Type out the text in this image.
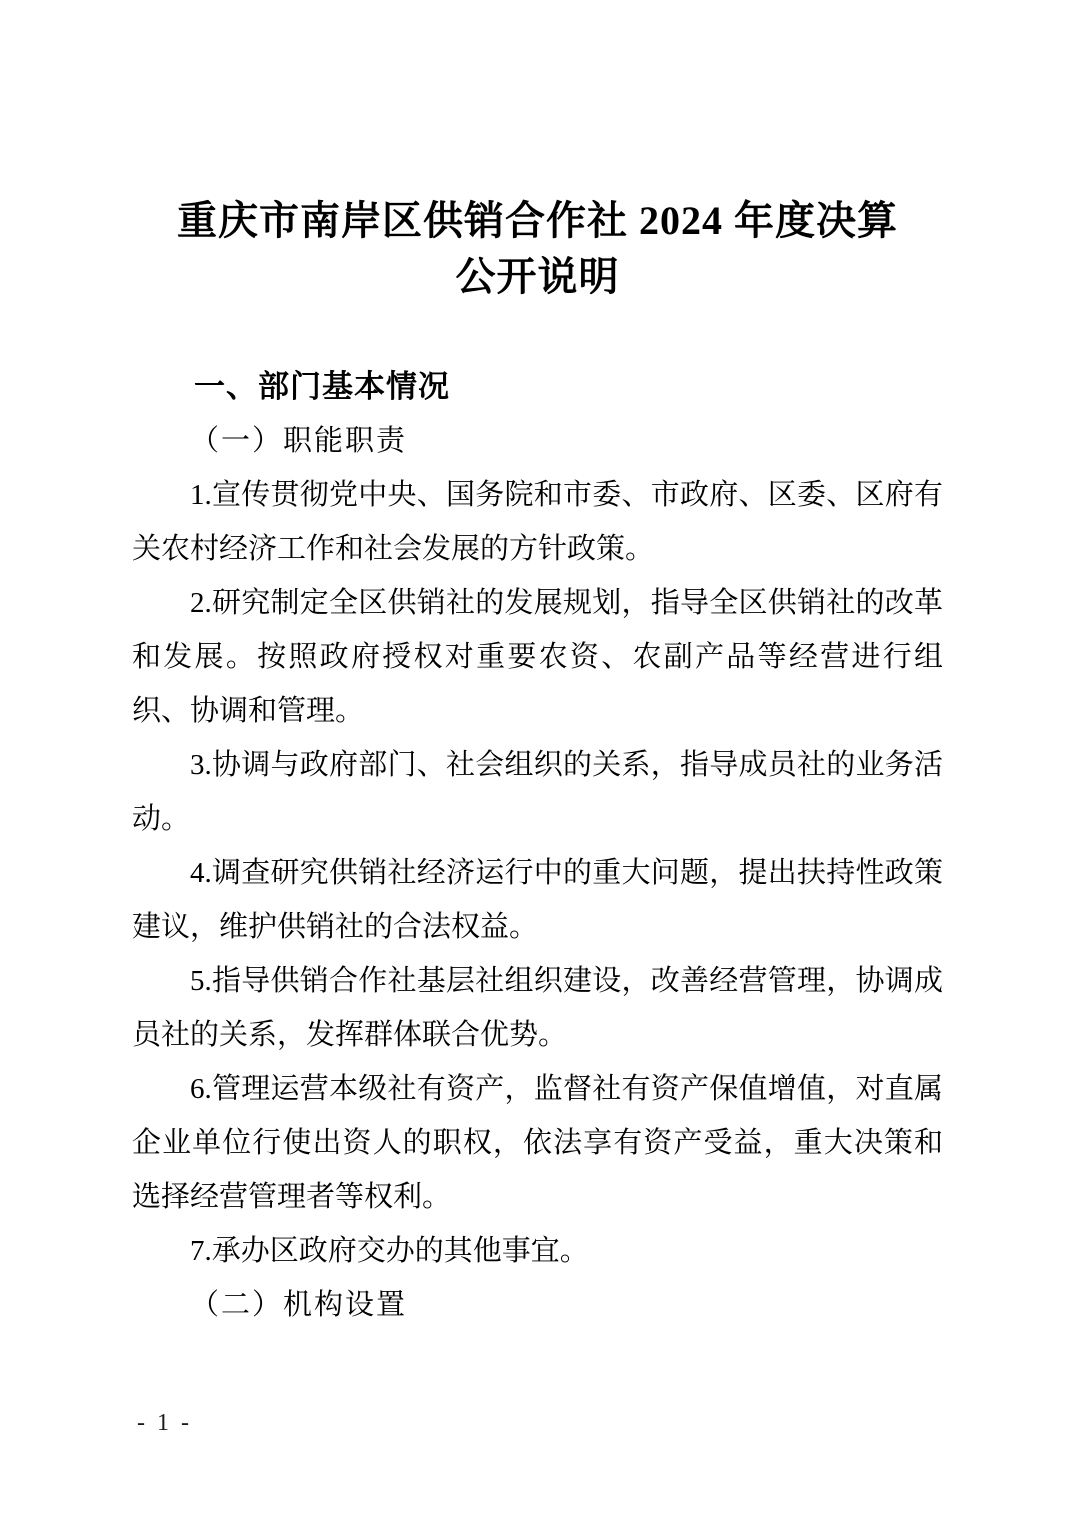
重庆市南岸区供销合作社 2024 年度决算
公开说明
一、部门基本情况
（一）职能职责

1.宣传贯彻党中央、国务院和市委、市政府、区委、区府有关农村经济工作和社会发展的方针政策。

2.研究制定全区供销社的发展规划，指导全区供销社的改革和发展。按照政府授权对重要农资、农副产品等经营进行组织、协调和管理。

3.协调与政府部门、社会组织的关系，指导成员社的业务活动。

4.调查研究供销社经济运行中的重大问题，提出扶持性政策建议，维护供销社的合法权益。

5.指导供销合作社基层社组织建设，改善经营管理，协调成员社的关系，发挥群体联合优势。

6.管理运营本级社有资产，监督社有资产保值增值，对直属企业单位行使出资人的职权，依法享有资产受益，重大决策和选择经营管理者等权利。

7.承办区政府交办的其他事宜。

（二）机构设置
- 1 -
